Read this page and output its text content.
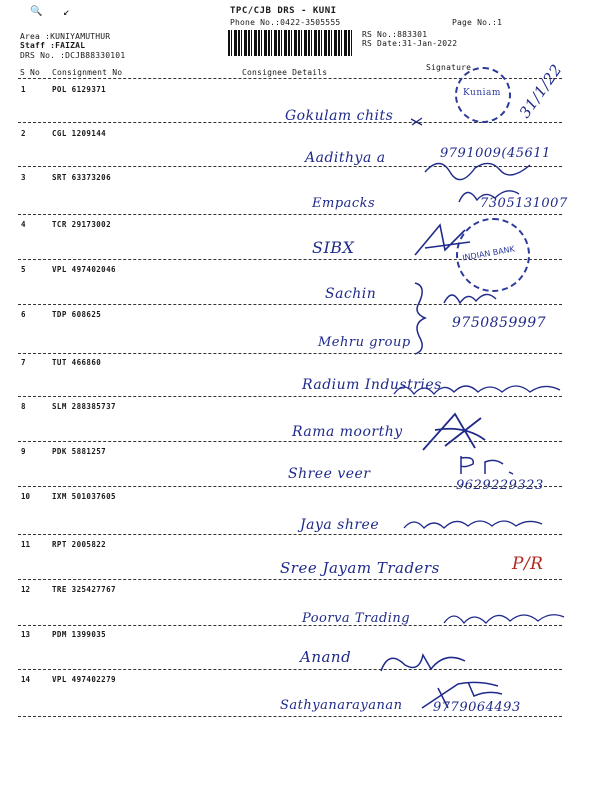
🔍 ↙	TPC/CJB DRS - KUNI
Phone No.:0422-3505555	Page No.:1
Area :KUNIYAMUTHUR
Staff :FAIZAL
DRS No. :DCJB88330101
RS No.:883301
RS Date:31-Jan-2022
S No Consignment No	Consignee Details
Signature
1	POL 6129371
Gokulam chits
2	CGL 1209144
Aadithya a	9791009(45611
3	SRT 63373206
Empacks	7305131007
4	TCR 29173002
SIBX
5	VPL 497402046
Sachin
9750859997
6	TDP 608625
Mehru group
7	TUT 466860
Radium Industries
8	SLM 288385737
Rama moorthy
9	PDK 5881257
Shree veer
9629229323
10	IXM 501037605
Jaya shree
11	RPT 2005822
Sree Jayam Traders	P/R
12	TRE 325427767
Poorva Trading
13	PDM 1399035
Anand
14	VPL 497402279
Sathyanarayanan 9779064493
Kuniam 31/1/22
INDIAN BANK
